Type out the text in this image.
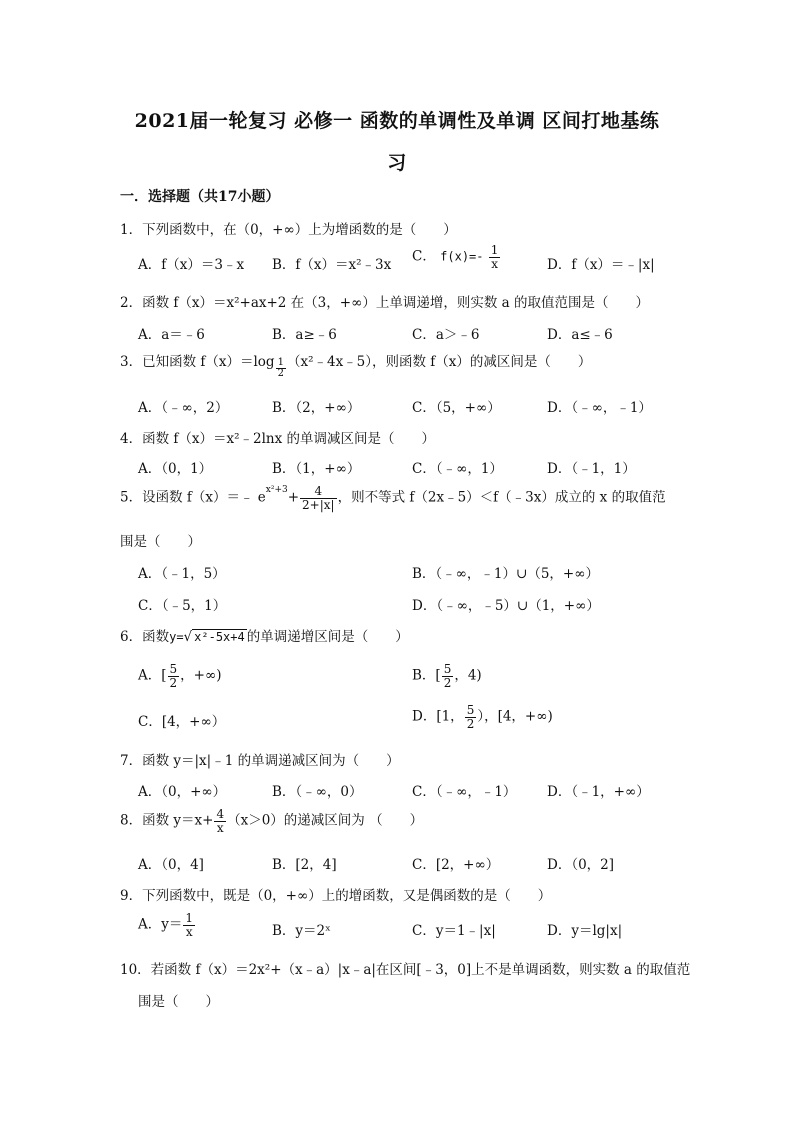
2021届一轮复习 必修一 函数的单调性及单调 区间打地基练
习
一．选择题（共17小题）
1．下列函数中，在（0，+∞）上为增函数的是（　　）
A．f（x）＝3﹣x B．f（x）＝x²﹣3x
C． $f(x)=- \frac{1}{x}$	D．f（x）＝﹣|x|
2．函数 f（x）＝x²+ax+2 在（3，+∞）上单调递增，则实数 a 的取值范围是（　　）
A．a＝﹣6	B．a≥﹣6	C．a＞﹣6	D．a≤﹣6
3．已知函数 $f(x)=\log \frac{1}{2}$ （x²﹣4x﹣5），则函数 f（x）的减区间是（　　）
A．（﹣∞，2）	B．（2，+∞）	C．（5，+∞）	D．（﹣∞，﹣1）
4．函数 f（x）＝x²﹣2lnx 的单调减区间是（　　）
A．（0，1）	B．（1，+∞）	C．（﹣∞，1）	D．（﹣1，1）
5．设函数 f（x）＝﹣ $e^{x^2+3}+ \frac{4}{2+|x|}$ ，则不等式 f（2x﹣5）＜f（﹣3x）成立的 x 的取值范
围是（　　）
A．（﹣1，5）	B．（﹣∞，﹣1）∪（5，+∞）
C．（﹣5，1）	D．（﹣∞，﹣5）∪（1，+∞）
6．函数y=√ x²-5x+4 的单调递增区间是（　　）
A．[ $\frac{5}{2}$ ，+∞)	B．[ $\frac{5}{2}$ ，4)
C．[4，+∞）	D．[1， $\frac{5}{2}$ ），[4，+∞)
7．函数 y＝|x|﹣1 的单调递减区间为（　　）
A．（0，+∞）	B．（﹣∞，0）	C．（﹣∞，﹣1） D．（﹣1，+∞）
8．函数 $y=x+ \frac{4}{x} (x>0)$的递减区间为 （　　）
A．（0，4]	B．[2，4]	C．[2，+∞）	D．（0，2]
9．下列函数中，既是（0，+∞）上的增函数，又是偶函数的是（　　）
A．$y= \frac{1}{x}$	B．y＝2ˣ	C．y＝1﹣|x|	D．y＝lg|x|
10．若函数 f（x）＝2x²+（x﹣a）|x﹣a|在区间[﹣3，0]上不是单调函数，则实数 a 的取值范
围是（　　）
